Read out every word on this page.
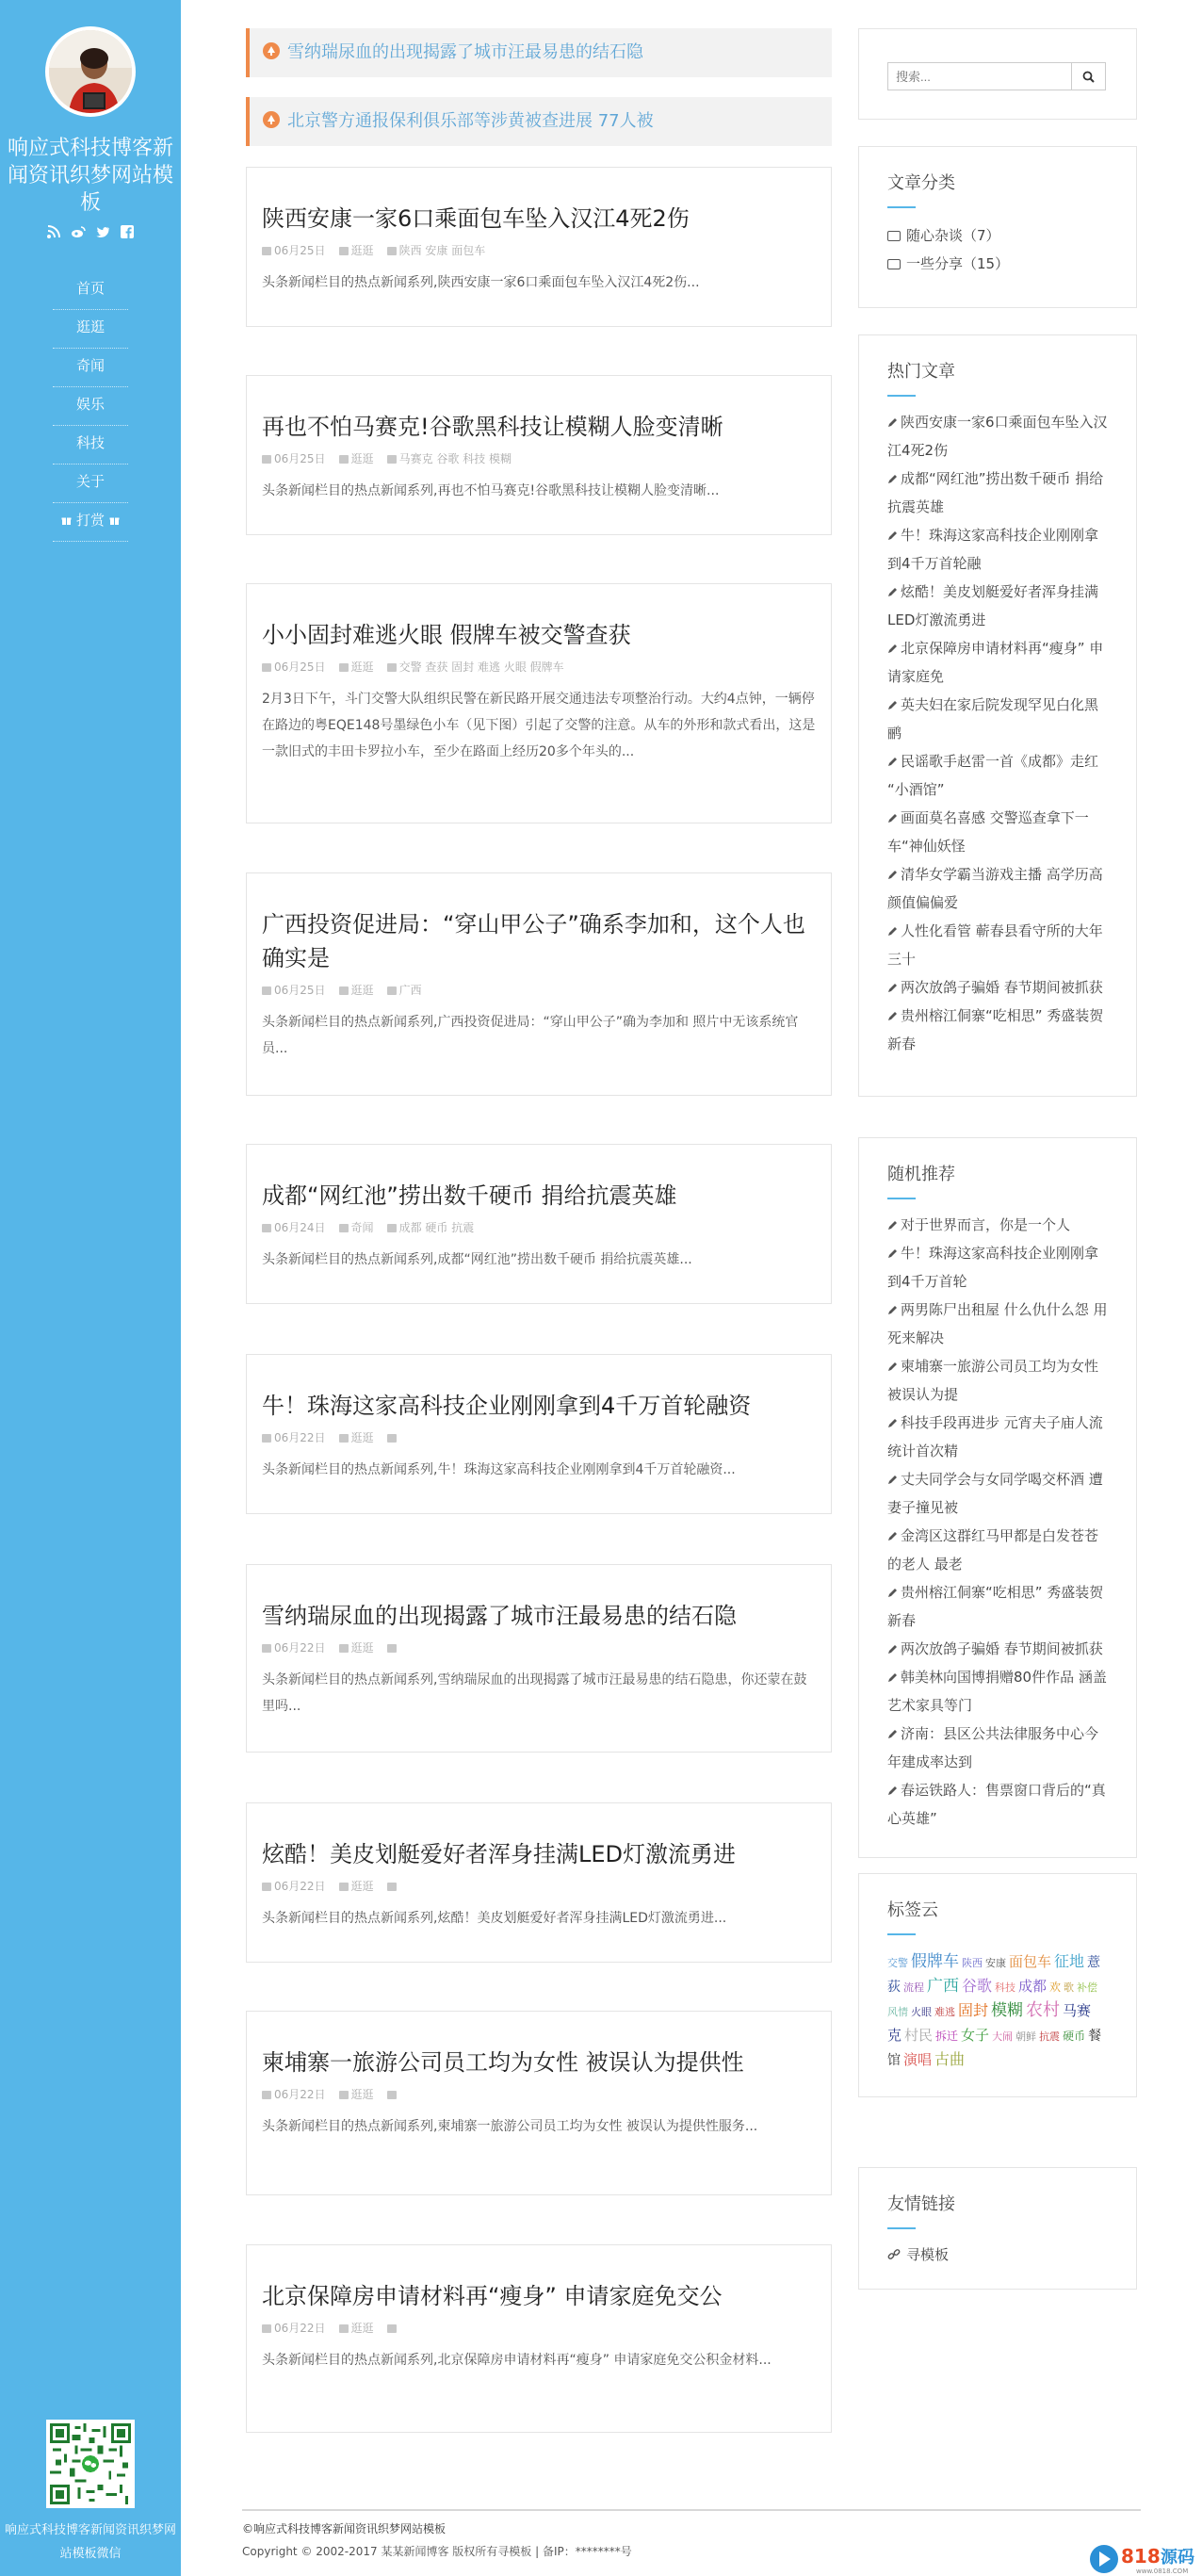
响应式科技博客新闻资讯织梦网站模板
首页
逛逛
奇闻
娱乐
科技
关于
打赏
响应式科技博客新闻资讯织梦网站模板微信
雪纳瑞尿血的出现揭露了城市汪最易患的结石隐
北京警方通报保利俱乐部等涉黄被查进展 77人被
陕西安康一家6口乘面包车坠入汉江4死2伤
06月25日 逛逛 陕西 安康 面包车

头条新闻栏目的热点新闻系列,陕西安康一家6口乘面包车坠入汉江4死2伤...

再也不怕马赛克!谷歌黑科技让模糊人脸变清晰
06月25日 逛逛 马赛克 谷歌 科技 模糊

头条新闻栏目的热点新闻系列,再也不怕马赛克!谷歌黑科技让模糊人脸变清晰...

小小固封难逃火眼 假牌车被交警查获
06月25日 逛逛 交警 查获 固封 难逃 火眼 假牌车

2月3日下午，斗门交警大队组织民警在新民路开展交通违法专项整治行动。大约4点钟，一辆停在路边的粤EQE148号墨绿色小车（见下图）引起了交警的注意。从车的外形和款式看出，这是一款旧式的丰田卡罗拉小车，至少在路面上经历20多个年头的...

广西投资促进局：“穿山甲公子”确系李加和，这个人也确实是
06月25日 逛逛 广西

头条新闻栏目的热点新闻系列,广西投资促进局：“穿山甲公子”确为李加和 照片中无该系统官员...

成都“网红池”捞出数千硬币 捐给抗震英雄
06月24日 奇闻 成都 硬币 抗震

头条新闻栏目的热点新闻系列,成都“网红池”捞出数千硬币 捐给抗震英雄...

牛！珠海这家高科技企业刚刚拿到4千万首轮融资
06月22日 逛逛

头条新闻栏目的热点新闻系列,牛！珠海这家高科技企业刚刚拿到4千万首轮融资...

雪纳瑞尿血的出现揭露了城市汪最易患的结石隐
06月22日 逛逛

头条新闻栏目的热点新闻系列,雪纳瑞尿血的出现揭露了城市汪最易患的结石隐患，你还蒙在鼓里吗...

炫酷！美皮划艇爱好者浑身挂满LED灯激流勇进
06月22日 逛逛

头条新闻栏目的热点新闻系列,炫酷！美皮划艇爱好者浑身挂满LED灯激流勇进...

柬埔寨一旅游公司员工均为女性 被误认为提供性
06月22日 逛逛

头条新闻栏目的热点新闻系列,柬埔寨一旅游公司员工均为女性 被误认为提供性服务...

北京保障房申请材料再“瘦身” 申请家庭免交公
06月22日 逛逛

头条新闻栏目的热点新闻系列,北京保障房申请材料再“瘦身” 申请家庭免交公积金材料...

搜索...
文章分类
随心杂谈（7）
一些分享（15）
热门文章
陕西安康一家6口乘面包车坠入汉江4死2伤
成都“网红池”捞出数千硬币 捐给抗震英雄
牛！珠海这家高科技企业刚刚拿到4千万首轮融
炫酷！美皮划艇爱好者浑身挂满LED灯激流勇进
北京保障房申请材料再“瘦身” 申请家庭免
英夫妇在家后院发现罕见白化黑鹂
民谣歌手赵雷一首《成都》走红 “小酒馆”
画面莫名喜感 交警巡查拿下一车“神仙妖怪
清华女学霸当游戏主播 高学历高颜值偏偏爱
人性化看管 蕲春县看守所的大年三十
两次放鸽子骗婚 春节期间被抓获
贵州榕江侗寨“吃相思” 秀盛装贺新春
随机推荐
对于世界而言，你是一个人
牛！珠海这家高科技企业刚刚拿到4千万首轮
两男陈尸出租屋 什么仇什么怨 用死来解决
柬埔寨一旅游公司员工均为女性 被误认为提
科技手段再进步 元宵夫子庙人流统计首次精
丈夫同学会与女同学喝交杯酒 遭妻子撞见被
金湾区这群红马甲都是白发苍苍的老人 最老
贵州榕江侗寨“吃相思” 秀盛装贺新春
两次放鸽子骗婚 春节期间被抓获
韩美林向国博捐赠80件作品 涵盖艺术家具等门
济南：县区公共法律服务中心今年建成率达到
春运铁路人：售票窗口背后的“真心英雄”
标签云
交警 假牌车 陕西 安康 面包车 征地 薏荻 流程 广西 谷歌 科技 成都 欢 歌 补偿风情 火眼 难逃 固封 模糊 农村 马赛克 村民 拆迁 女子 大闹 朝鲜 抗震 硬币 餐馆 演唱 古曲
友情链接
寻模板
©响应式科技博客新闻资讯织梦网站模板
Copyright © 2002-2017 某某新闻博客 版权所有寻模板 | 备IP：********号	818 源码
www.0818.COM
